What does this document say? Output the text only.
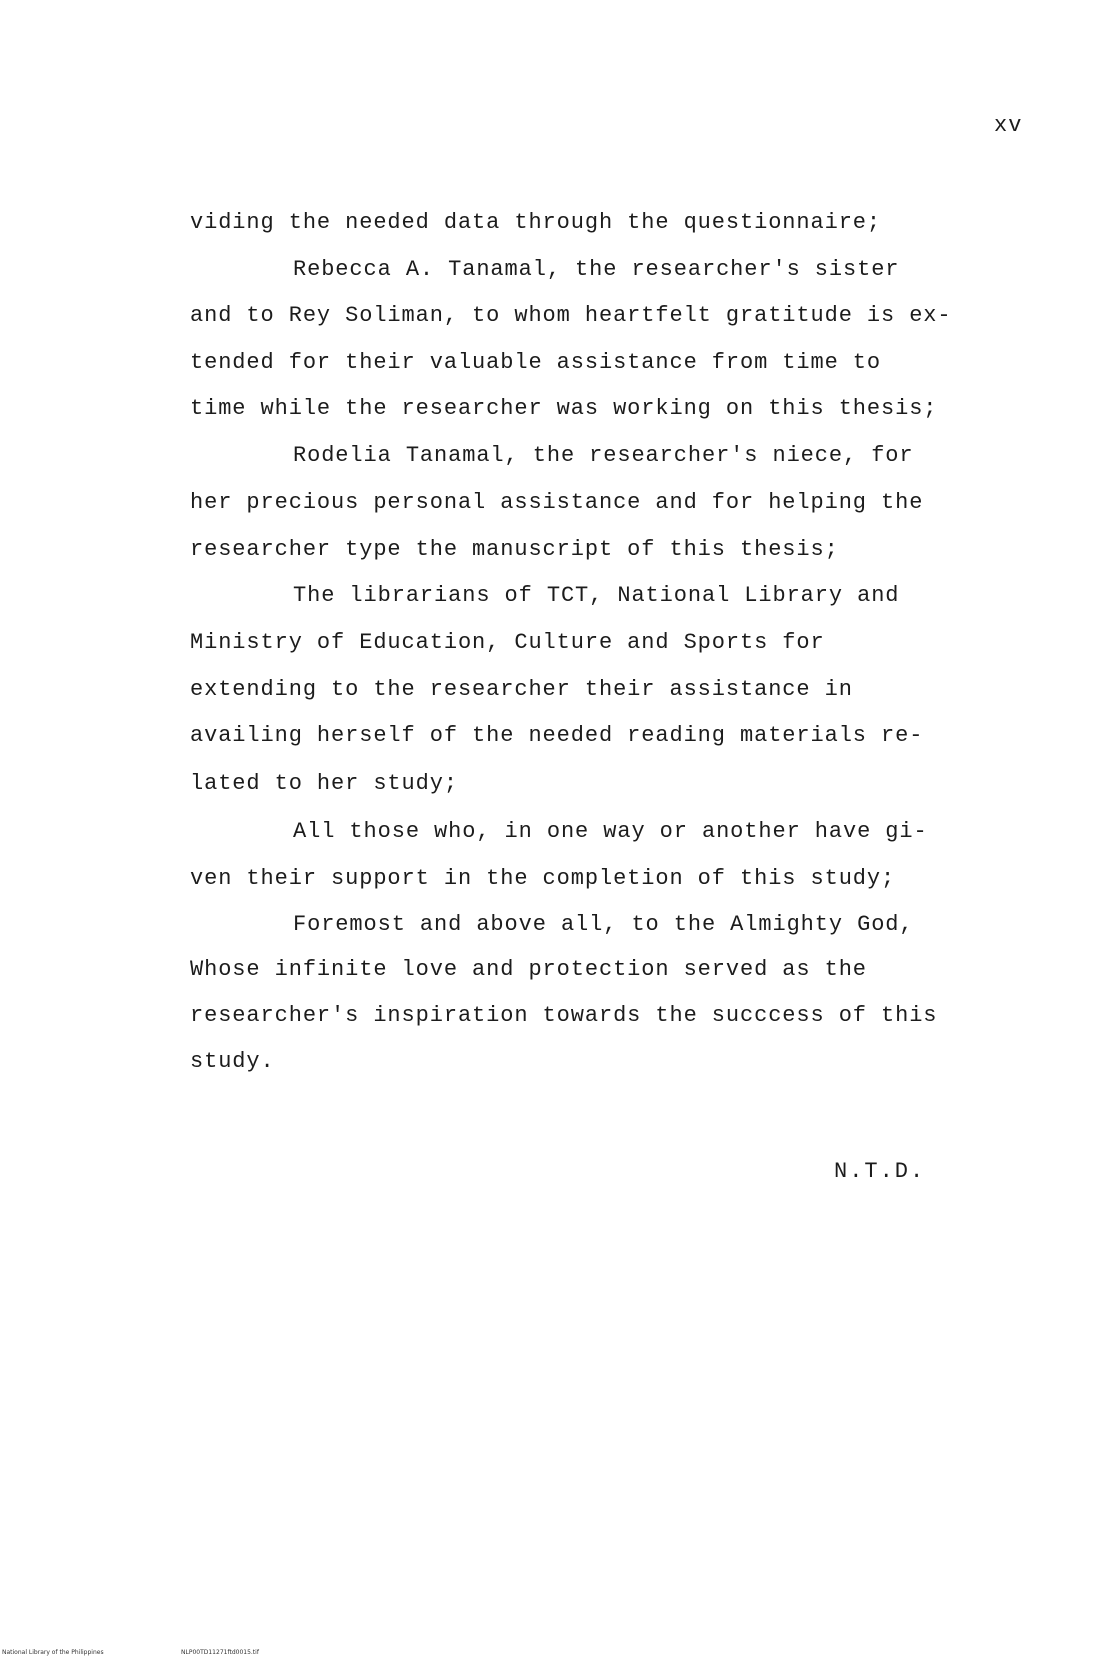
xv
viding the needed data through the questionnaire;
Rebecca A. Tanamal, the researcher's sister
and to Rey Soliman, to whom heartfelt gratitude is ex-
tended for their valuable assistance from time to
time while the researcher was working on this thesis;
Rodelia Tanamal, the researcher's niece, for
her precious personal assistance and for helping the
researcher type the manuscript of this thesis;
The librarians of TCT, National Library and
Ministry of Education, Culture and Sports for
extending to the researcher their assistance in
availing herself of the needed reading materials re-
lated to her study;
All those who, in one way or another have gi-
ven their support in the completion of this study;
Foremost and above all, to the Almighty God,
Whose infinite love and protection served as the
researcher's inspiration towards the succcess of this
study.
N.T.D.
National Library of the Philippines	NLP00TD11271ftd0015.tif
